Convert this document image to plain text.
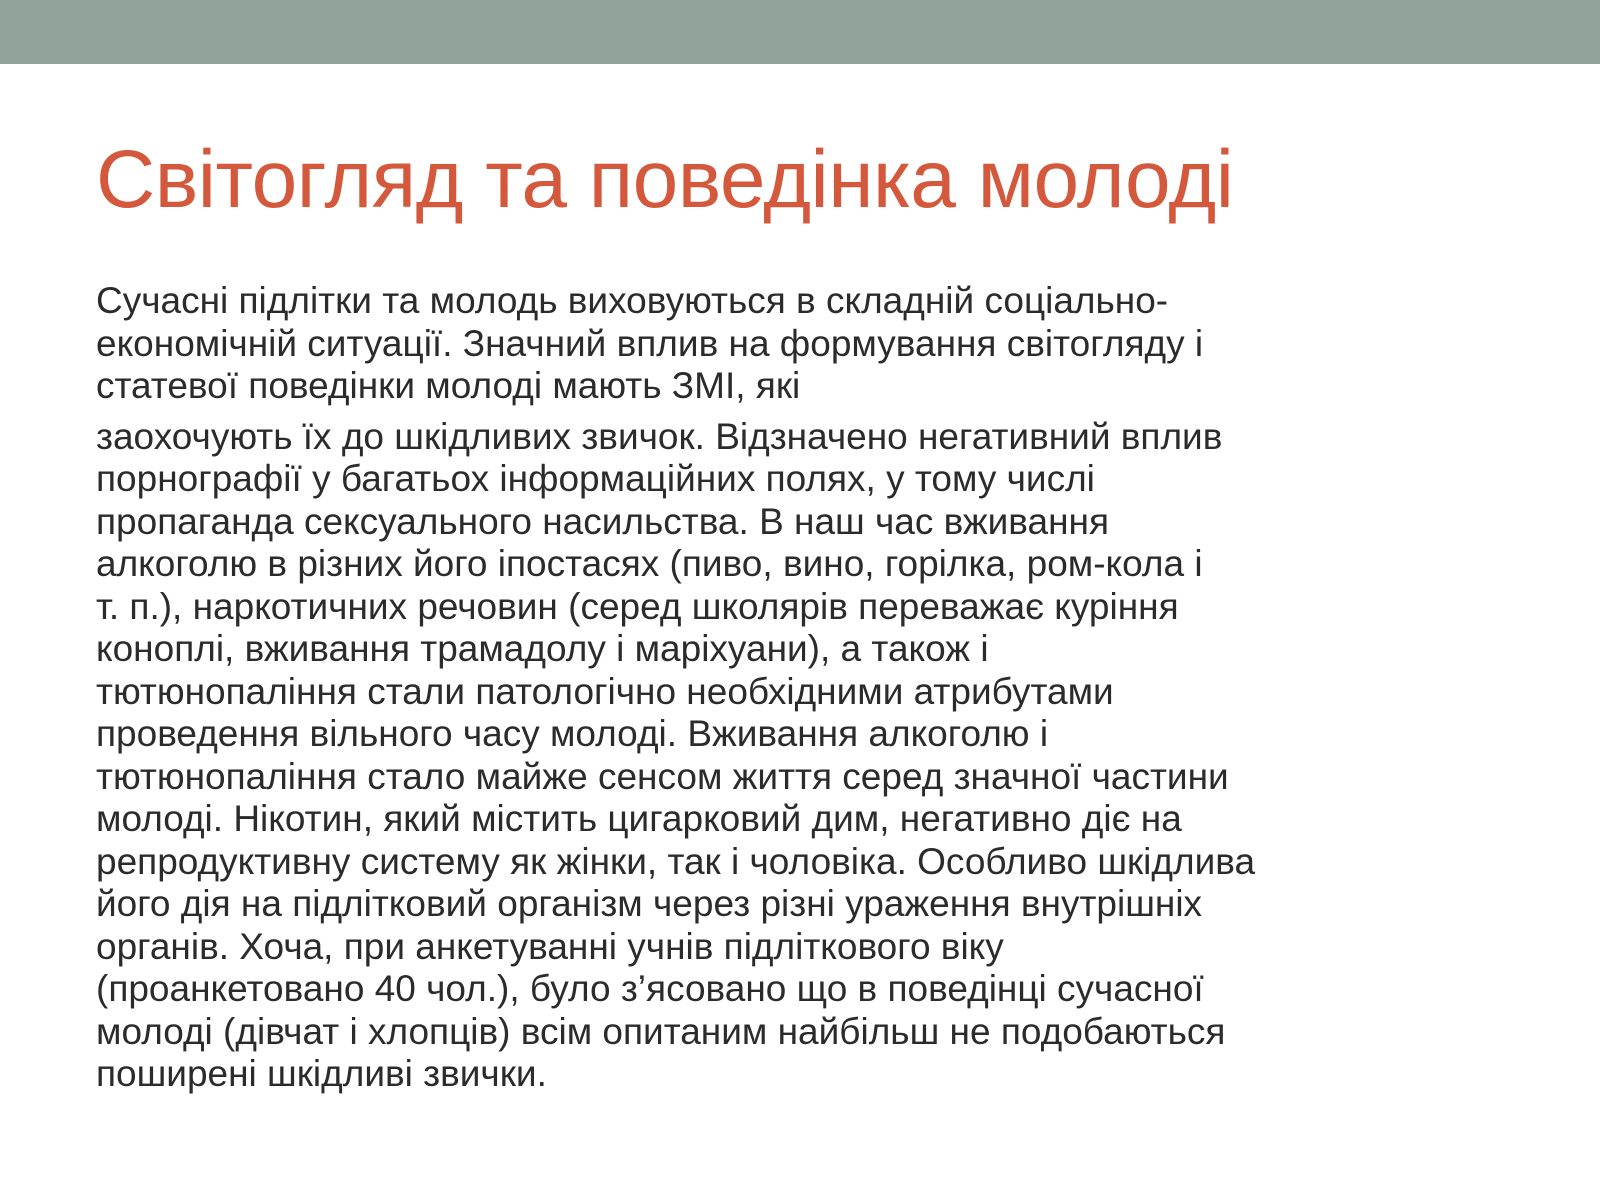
Світогляд та поведінка молоді

Сучасні підлітки та молодь виховуються в складній соціально-
економічній ситуації. Значний вплив на формування світогляду і
статевої поведінки молоді мають ЗМІ, які

заохочують їх до шкідливих звичок. Відзначено негативний вплив
порнографії у багатьох інформаційних полях, у тому числі
пропаганда сексуального насильства. В наш час вживання
алкоголю в різних його іпостасях (пиво, вино, горілка, ром-кола і
т. п.), наркотичних речовин (серед школярів переважає куріння
коноплі, вживання трамадолу і маріхуани), а також і
тютюнопаління стали патологічно необхідними атрибутами
проведення вільного часу молоді. Вживання алкоголю і
тютюнопаління стало майже сенсом життя серед значної частини
молоді. Нікотин, який містить цигарковий дим, негативно діє на
репродуктивну систему як жінки, так і чоловіка. Особливо шкідлива
його дія на підлітковий організм через різні ураження внутрішніх
органів. Хоча, при анкетуванні учнів підліткового віку
(проанкетовано 40 чол.), було з’ясовано що в поведінці сучасної
молоді (дівчат і хлопців) всім опитаним найбільш не подобаються
поширені шкідливі звички.
